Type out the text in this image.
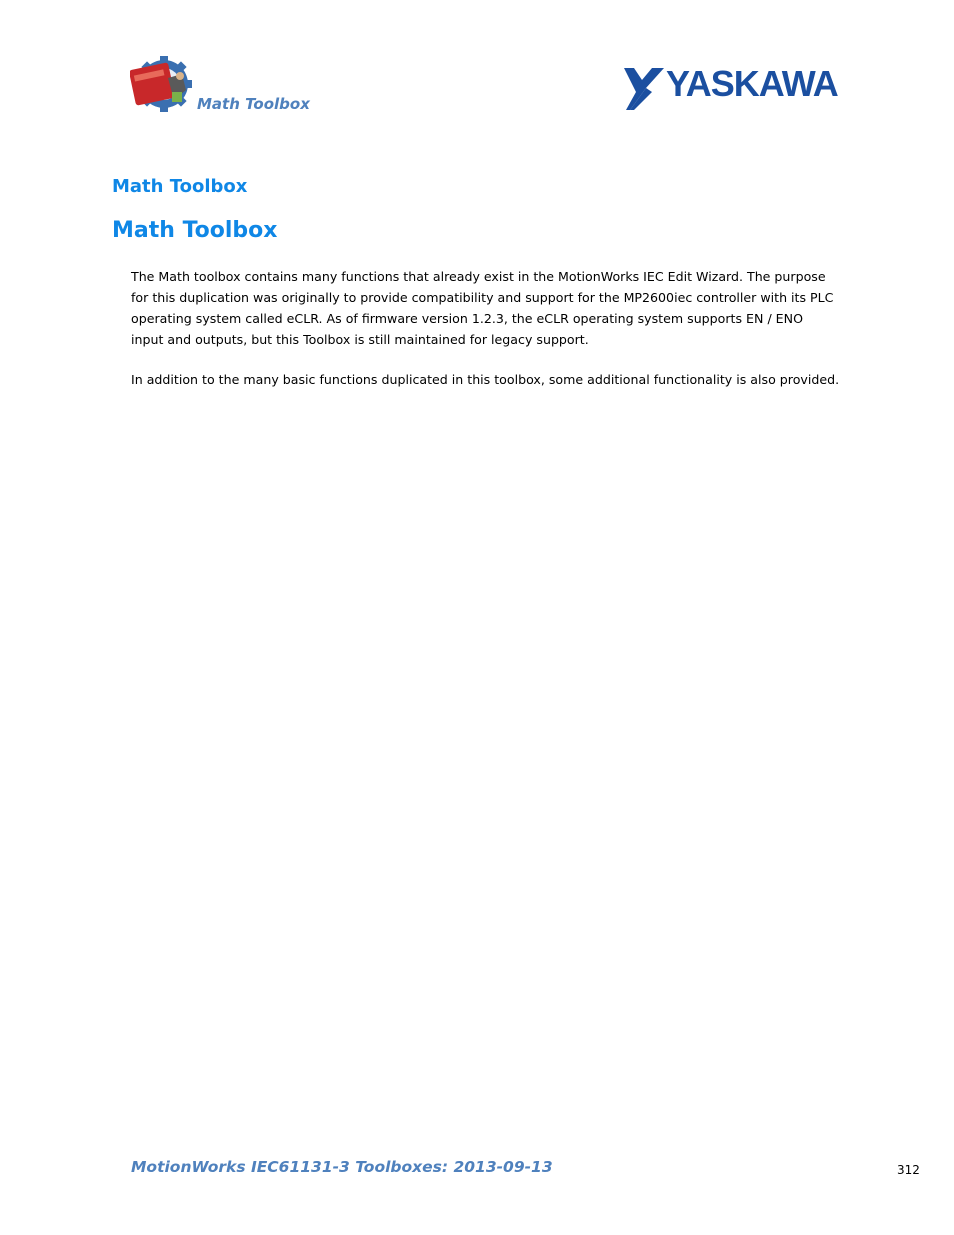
Math Toolbox	YASKAWA
Math Toolbox
Math Toolbox

The Math toolbox contains many functions that already exist in the MotionWorks IEC Edit Wizard. The purpose
for this duplication was originally to provide compatibility and support for the MP2600iec controller with its PLC
operating system called eCLR. As of firmware version 1.2.3, the eCLR operating system supports EN / ENO
input and outputs, but this Toolbox is still maintained for legacy support.

In addition to the many basic functions duplicated in this toolbox, some additional functionality is also provided.

MotionWorks IEC61131-3 Toolboxes: 2013-09-13	312
